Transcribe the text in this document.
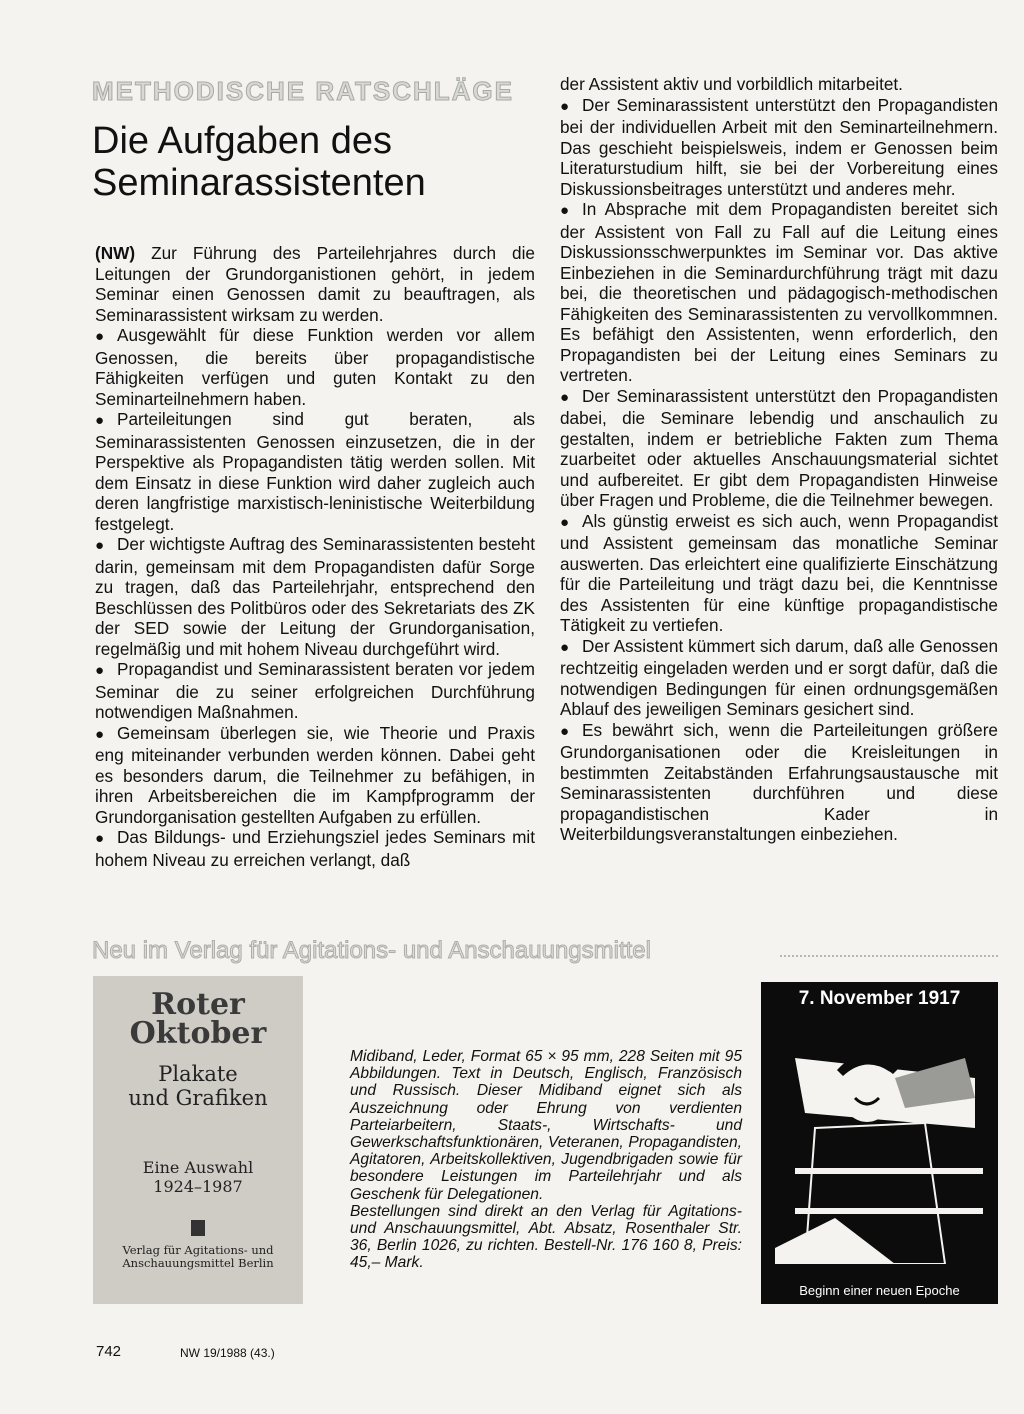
METHODISCHE RATSCHLÄGE
Die Aufgaben des Seminarassistenten

(NW) Zur Führung des Parteilehrjahres durch die Leitungen der Grundorganistionen gehört, in jedem Seminar einen Genossen damit zu beauftragen, als Seminarassistent wirksam zu werden.

● Ausgewählt für diese Funktion werden vor allem Genossen, die bereits über propagandistische Fähigkeiten verfügen und guten Kontakt zu den Seminarteilnehmern haben.

● Parteileitungen sind gut beraten, als Seminarassistenten Genossen einzusetzen, die in der Perspektive als Propagandisten tätig werden sollen. Mit dem Einsatz in diese Funktion wird daher zugleich auch deren langfristige marxistisch-leninistische Weiterbildung festgelegt.

● Der wichtigste Auftrag des Seminarassistenten besteht darin, gemeinsam mit dem Propagandisten dafür Sorge zu tragen, daß das Parteilehrjahr, entsprechend den Beschlüssen des Politbüros oder des Sekretariats des ZK der SED sowie der Leitung der Grundorganisation, regelmäßig und mit hohem Niveau durchgeführt wird.

● Propagandist und Seminarassistent beraten vor jedem Seminar die zu seiner erfolgreichen Durchführung notwendigen Maßnahmen.

● Gemeinsam überlegen sie, wie Theorie und Praxis eng miteinander verbunden werden können. Dabei geht es besonders darum, die Teilnehmer zu befähigen, in ihren Arbeitsbereichen die im Kampfprogramm der Grundorganisation gestellten Aufgaben zu erfüllen.

● Das Bildungs- und Erziehungsziel jedes Seminars mit hohem Niveau zu erreichen verlangt, daß

der Assistent aktiv und vorbildlich mitarbeitet.

● Der Seminarassistent unterstützt den Propagandisten bei der individuellen Arbeit mit den Seminarteilnehmern. Das geschieht beispielsweis, indem er Genossen beim Literaturstudium hilft, sie bei der Vorbereitung eines Diskussionsbeitrages unterstützt und anderes mehr.

● In Absprache mit dem Propagandisten bereitet sich der Assistent von Fall zu Fall auf die Leitung eines Diskussionsschwerpunktes im Seminar vor. Das aktive Einbeziehen in die Seminardurchführung trägt mit dazu bei, die theoretischen und pädagogisch-methodischen Fähigkeiten des Seminarassistenten zu vervollkommnen. Es befähigt den Assistenten, wenn erforderlich, den Propagandisten bei der Leitung eines Seminars zu vertreten.

● Der Seminarassistent unterstützt den Propagandisten dabei, die Seminare lebendig und anschaulich zu gestalten, indem er betriebliche Fakten zum Thema zuarbeitet oder aktuelles Anschauungsmaterial sichtet und aufbereitet. Er gibt dem Propagandisten Hinweise über Fragen und Probleme, die die Teilnehmer bewegen.

● Als günstig erweist es sich auch, wenn Propagandist und Assistent gemeinsam das monatliche Seminar auswerten. Das erleichtert eine qualifizierte Einschätzung für die Parteileitung und trägt dazu bei, die Kenntnisse des Assistenten für eine künftige propagandistische Tätigkeit zu vertiefen.

● Der Assistent kümmert sich darum, daß alle Genossen rechtzeitig eingeladen werden und er sorgt dafür, daß die notwendigen Bedingungen für einen ordnungsgemäßen Ablauf des jeweiligen Seminars gesichert sind.

● Es bewährt sich, wenn die Parteileitungen größere Grundorganisationen oder die Kreisleitungen in bestimmten Zeitabständen Erfahrungsaustausche mit Seminarassistenten durchführen und diese propagandistischen Kader in Weiterbildungsveranstaltungen einbeziehen.

Neu im Verlag für Agitations- und Anschauungsmittel
Roter
Oktober
Plakate
und Grafiken
Eine Auswahl
1924–1987
Verlag für Agitations- und
Anschauungsmittel Berlin

Midiband, Leder, Format 65 × 95 mm, 228 Seiten mit 95 Abbildungen. Text in Deutsch, Englisch, Französisch und Russisch. Dieser Midiband eignet sich als Auszeichnung oder Ehrung von verdienten Parteiarbeitern, Staats-, Wirtschafts- und Gewerkschaftsfunktionären, Veteranen, Propagandisten, Agitatoren, Arbeitskollektiven, Jugendbrigaden sowie für besondere Leistungen im Parteilehrjahr und als Geschenk für Delegationen.

Bestellungen sind direkt an den Verlag für Agitations- und Anschauungsmittel, Abt. Absatz, Rosenthaler Str. 36, Berlin 1026, zu richten. Bestell-Nr. 176 160 8, Preis: 45,– Mark.

7. November 1917
Beginn einer neuen Epoche
742	NW 19/1988 (43.)
